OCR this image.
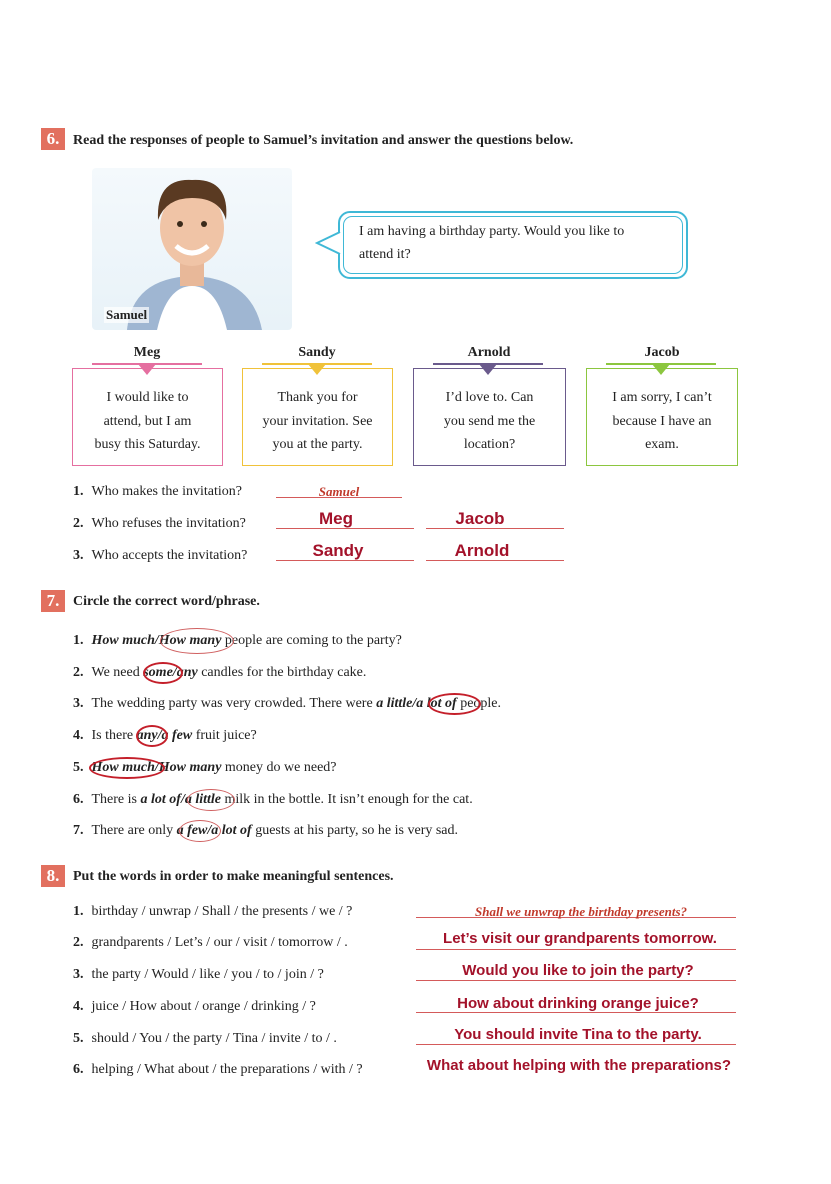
6. Read the responses of people to Samuel’s invitation and answer the questions below.
Samuel
I am having a birthday party. Would you like to
attend it?
Meg
I would like to
attend, but I am
busy this Saturday.
Sandy
Thank you for
your invitation. See
you at the party.
Arnold
I’d love to. Can
you send me the
location?
Jacob
I am sorry, I can’t
because I have an
exam.
1. Who makes the invitation?	Samuel
2. Who refuses the invitation?	Meg	Jacob
3. Who accepts the invitation?	Sandy	Arnold
7. Circle the correct word/phrase.
1. How much/How many people are coming to the party?
2. We need some/any candles for the birthday cake.
3. The wedding party was very crowded. There were a little/a lot of people.
4. Is there any/a few fruit juice?
5. How much/How many money do we need?
6. There is a lot of/a little milk in the bottle. It isn’t enough for the cat.
7. There are only a few/a lot of guests at his party, so he is very sad.
8. Put the words in order to make meaningful sentences.
1. birthday / unwrap / Shall / the presents / we / ?	Shall we unwrap the birthday presents?
2. grandparents / Let’s / our / visit / tomorrow / .	Let’s visit our grandparents tomorrow.
3. the party / Would / like / you / to / join / ?	Would you like to join the party?
4. juice / How about / orange / drinking / ?	How about drinking orange juice?
5. should / You / the party / Tina / invite / to / .	You should invite Tina to the party.
6. helping / What about / the preparations / with / ?	What about helping with the preparations?
